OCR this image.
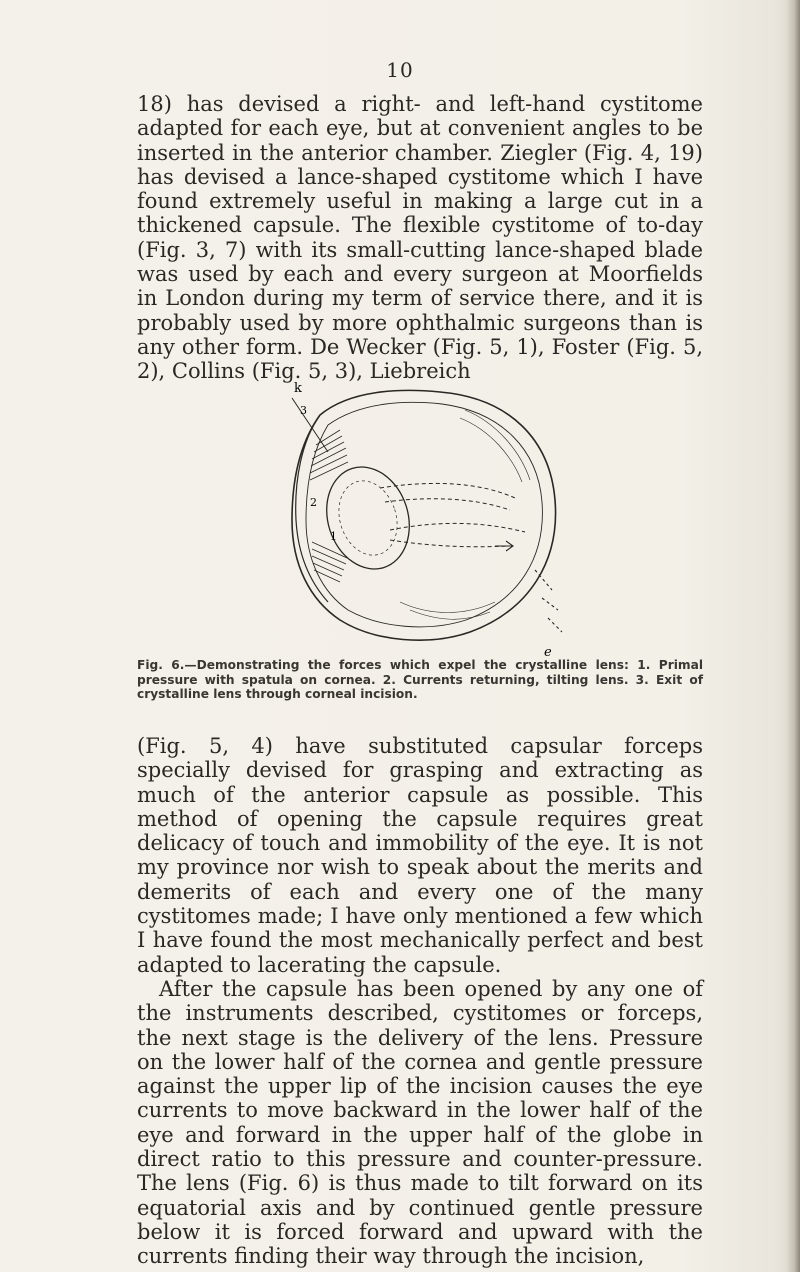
10

18) has devised a right- and left-hand cystitome adapted for each eye, but at convenient angles to be inserted in the anterior chamber. Ziegler (Fig. 4, 19) has devised a lance-shaped cystitome which I have found extremely useful in making a large cut in a thickened capsule. The flexible cystitome of to-day (Fig. 3, 7) with its small-cutting lance-shaped blade was used by each and every surgeon at Moorfields in London during my term of service there, and it is probably used by more ophthalmic surgeons than is any other form. De Wecker (Fig. 5, 1), Foster (Fig. 5, 2), Collins (Fig. 5, 3), Liebreich

k
3
2
1
e
Fig. 6.—Demonstrating the forces which expel the crystalline lens: 1. Primal pressure with spatula on cornea. 2. Currents returning, tilting lens. 3. Exit of crystalline lens through corneal incision.

(Fig. 5, 4) have substituted capsular forceps specially devised for grasping and extracting as much of the anterior capsule as possible. This method of opening the capsule requires great delicacy of touch and immobility of the eye. It is not my province nor wish to speak about the merits and demerits of each and every one of the many cystitomes made; I have only mentioned a few which I have found the most mechanically perfect and best adapted to lacerating the capsule.

After the capsule has been opened by any one of the instruments described, cystitomes or forceps, the next stage is the delivery of the lens. Pressure on the lower half of the cornea and gentle pressure against the upper lip of the incision causes the eye currents to move backward in the lower half of the eye and forward in the upper half of the globe in direct ratio to this pressure and counter-pressure. The lens (Fig. 6) is thus made to tilt forward on its equatorial axis and by continued gentle pressure below it is forced forward and upward with the currents finding their way through the incision,
